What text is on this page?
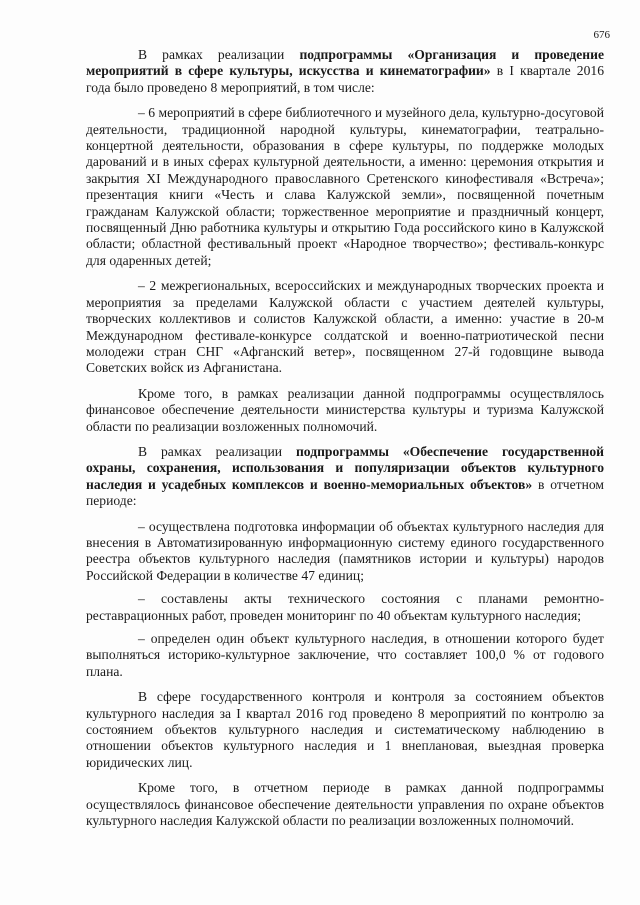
676

В рамках реализации подпрограммы «Организация и проведение мероприятий в сфере культуры, искусства и кинематографии» в I квартале 2016 года было проведено 8 мероприятий, в том числе:

– 6 мероприятий в сфере библиотечного и музейного дела, культурно-досуговой деятельности, традиционной народной культуры, кинематографии, театрально-концертной деятельности, образования в сфере культуры, по поддержке молодых дарований и в иных сферах культурной деятельности, а именно: церемония открытия и закрытия XI Международного православного Сретенского кинофестиваля «Встреча»; презентация книги «Честь и слава Калужской земли», посвященной почетным гражданам Калужской области; торжественное мероприятие и праздничный концерт, посвященный Дню работника культуры и открытию Года российского кино в Калужской области; областной фестивальный проект «Народное творчество»; фестиваль-конкурс для одаренных детей;

– 2 межрегиональных, всероссийских и международных творческих проекта и мероприятия за пределами Калужской области с участием деятелей культуры, творческих коллективов и солистов Калужской области, а именно: участие в 20-м Международном фестивале-конкурсе солдатской и военно-патриотической песни молодежи стран СНГ «Афганский ветер», посвященном 27-й годовщине вывода Советских войск из Афганистана.

Кроме того, в рамках реализации данной подпрограммы осуществлялось финансовое обеспечение деятельности министерства культуры и туризма Калужской области по реализации возложенных полномочий.

В рамках реализации подпрограммы «Обеспечение государственной охраны, сохранения, использования и популяризации объектов культурного наследия и усадебных комплексов и военно-мемориальных объектов» в отчетном периоде:

– осуществлена подготовка информации об объектах культурного наследия для внесения в Автоматизированную информационную систему единого государственного реестра объектов культурного наследия (памятников истории и культуры) народов Российской Федерации в количестве 47 единиц;

– составлены акты технического состояния с планами ремонтно-реставрационных работ, проведен мониторинг по 40 объектам культурного наследия;

– определен один объект культурного наследия, в отношении которого будет выполняться историко-культурное заключение, что составляет 100,0 % от годового плана.

В сфере государственного контроля и контроля за состоянием объектов культурного наследия за I квартал 2016 год проведено 8 мероприятий по контролю за состоянием объектов культурного наследия и систематическому наблюдению в отношении объектов культурного наследия и 1 внеплановая, выездная проверка юридических лиц.

Кроме того, в отчетном периоде в рамках данной подпрограммы осуществлялось финансовое обеспечение деятельности управления по охране объектов культурного наследия Калужской области по реализации возложенных полномочий.
